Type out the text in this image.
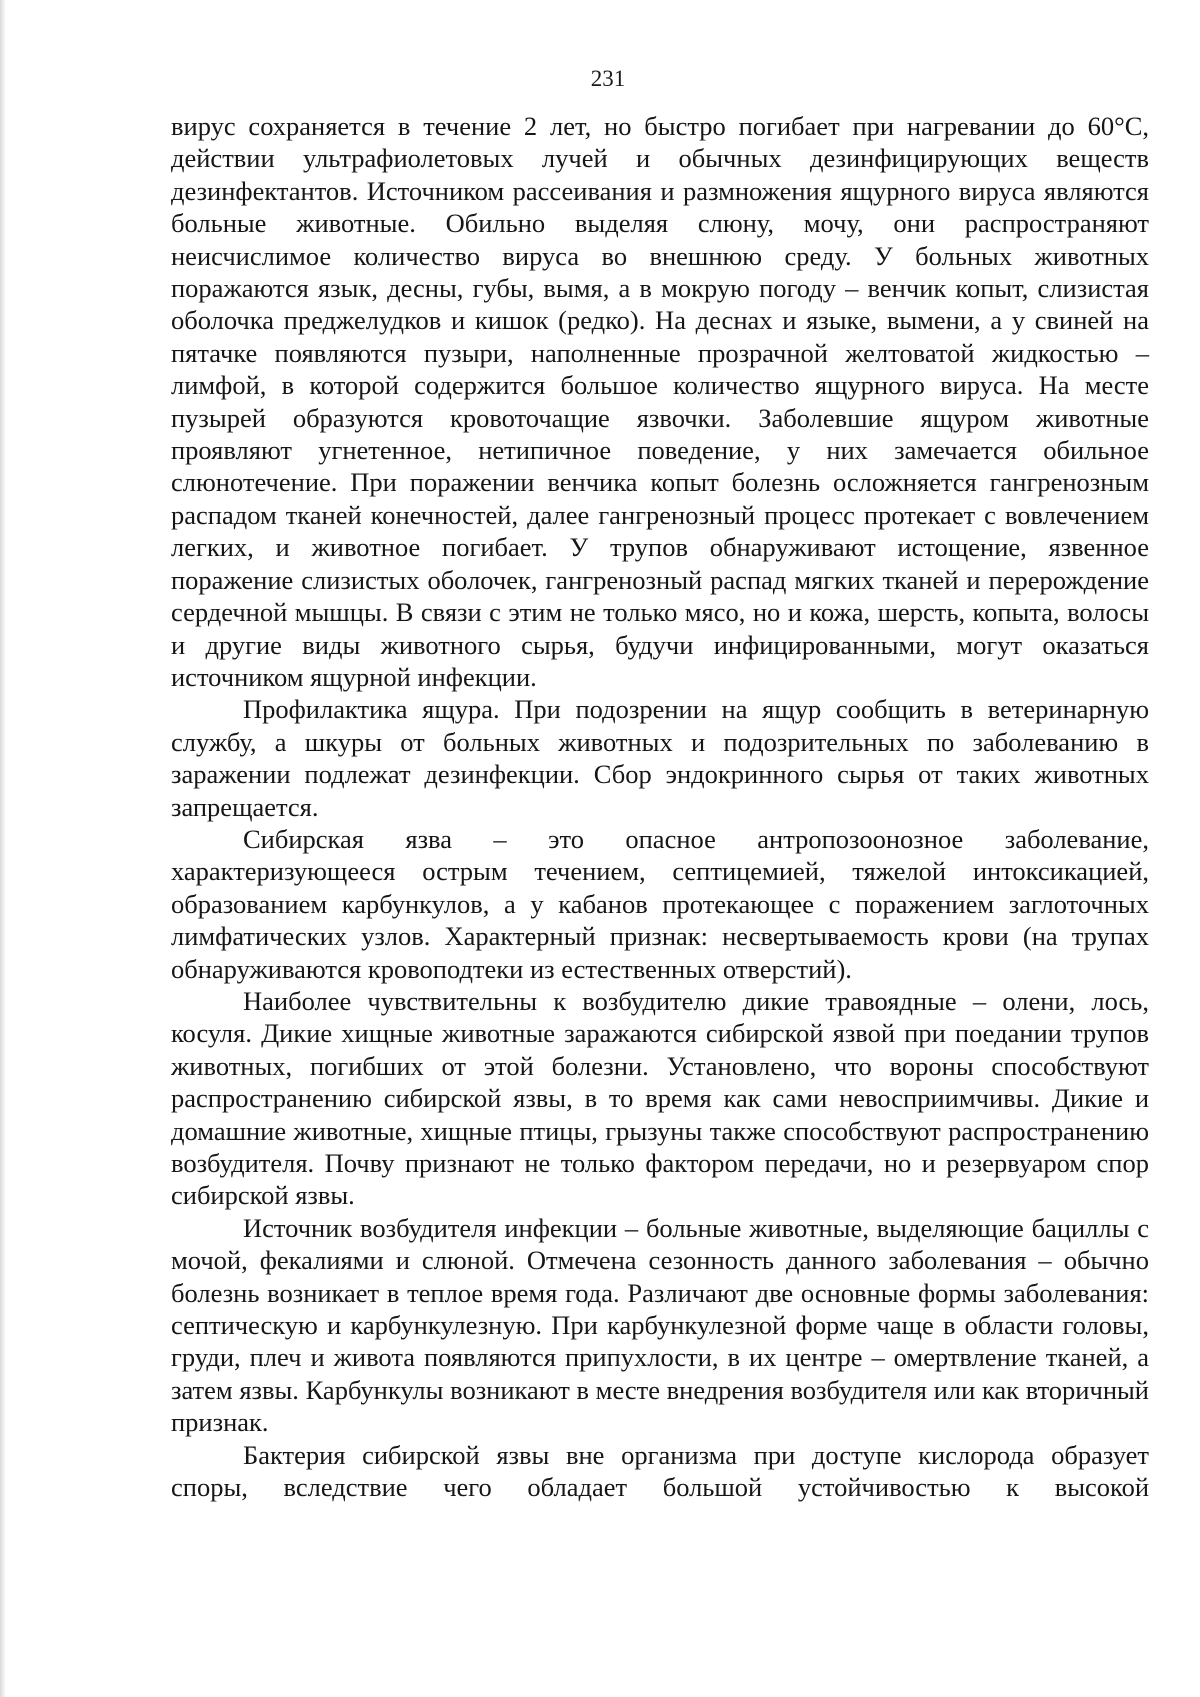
231

вирус сохраняется в течение 2 лет, но быстро погибает при нагревании до 60°С, действии ультрафиолетовых лучей и обычных дезинфицирующих веществ дезинфектантов. Источником рассеивания и размножения ящурного вируса являются больные животные. Обильно выделяя слюну, мочу, они распространяют неисчислимое количество вируса во внешнюю среду. У больных животных поражаются язык, десны, губы, вымя, а в мокрую погоду – венчик копыт, слизистая оболочка преджелудков и кишок (редко). На деснах и языке, вымени, а у свиней на пятачке появляются пузыри, наполненные прозрачной желтоватой жидкостью – лимфой, в которой содержится большое количество ящурного вируса. На месте пузырей образуются кровоточащие язвочки. Заболевшие ящуром животные проявляют угнетенное, нетипичное поведение, у них замечается обильное слюнотечение. При поражении венчика копыт болезнь осложняется гангренозным распадом тканей конечностей, далее гангренозный процесс протекает с вовлечением легких, и животное погибает. У трупов обнаруживают истощение, язвенное поражение слизистых оболочек, гангренозный распад мягких тканей и перерождение сердечной мышцы. В связи с этим не только мясо, но и кожа, шерсть, копыта, волосы и другие виды животного сырья, будучи инфицированными, могут оказаться источником ящурной инфекции.

Профилактика ящура. При подозрении на ящур сообщить в ветеринарную службу, а шкуры от больных животных и подозрительных по заболеванию в заражении подлежат дезинфекции. Сбор эндокринного сырья от таких животных запрещается.

Сибирская язва – это опасное антропозоонозное заболевание, характеризующееся острым течением, септицемией, тяжелой интоксикацией, образованием карбункулов, а у кабанов протекающее с поражением заглоточных лимфатических узлов. Характерный признак: несвертываемость крови (на трупах обнаруживаются кровоподтеки из естественных отверстий).

Наиболее чувствительны к возбудителю дикие травоядные – олени, лось, косуля. Дикие хищные животные заражаются сибирской язвой при поедании трупов животных, погибших от этой болезни. Установлено, что вороны способствуют распространению сибирской язвы, в то время как сами невосприимчивы. Дикие и домашние животные, хищные птицы, грызуны также способствуют распространению возбудителя. Почву признают не только фактором передачи, но и резервуаром спор сибирской язвы.

Источник возбудителя инфекции – больные животные, выделяющие бациллы с мочой, фекалиями и слюной. Отмечена сезонность данного заболевания – обычно болезнь возникает в теплое время года. Различают две основные формы заболевания: септическую и карбункулезную. При карбункулезной форме чаще в области головы, груди, плеч и живота появляются припухлости, в их центре – омертвление тканей, а затем язвы. Карбункулы возникают в месте внедрения возбудителя или как вторичный признак.

Бактерия сибирской язвы вне организма при доступе кислорода образует споры, вследствие чего обладает большой устойчивостью к высокой
